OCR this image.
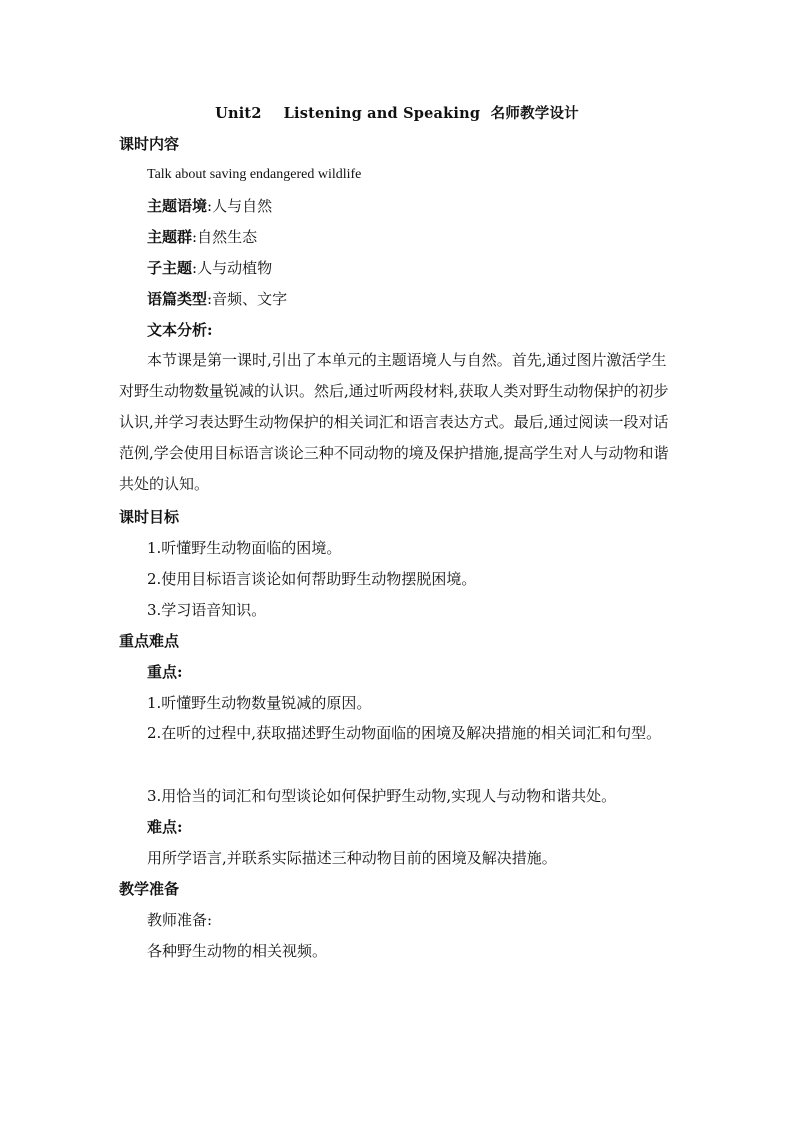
Unit2 Listening and Speaking 名师教学设计
课时内容
Talk about saving endangered wildlife
主题语境:人与自然
主题群:自然生态
子主题:人与动植物
语篇类型:音频、文字
文本分析:
本节课是第一课时,引出了本单元的主题语境人与自然。首先,通过图片激活学生对野生动物数量锐减的认识。然后,通过听两段材料,获取人类对野生动物保护的初步认识,并学习表达野生动物保护的相关词汇和语言表达方式。最后,通过阅读一段对话范例,学会使用目标语言谈论三种不同动物的境及保护措施,提高学生对人与动物和谐共处的认知。
课时目标
1.听懂野生动物面临的困境。
2.使用目标语言谈论如何帮助野生动物摆脱困境。
3.学习语音知识。
重点难点
重点:
1.听懂野生动物数量锐减的原因。
2.在听的过程中,获取描述野生动物面临的困境及解决措施的相关词汇和句型。
3.用恰当的词汇和句型谈论如何保护野生动物,实现人与动物和谐共处。
难点:
用所学语言,并联系实际描述三种动物目前的困境及解决措施。
教学准备
教师准备:
各种野生动物的相关视频。
